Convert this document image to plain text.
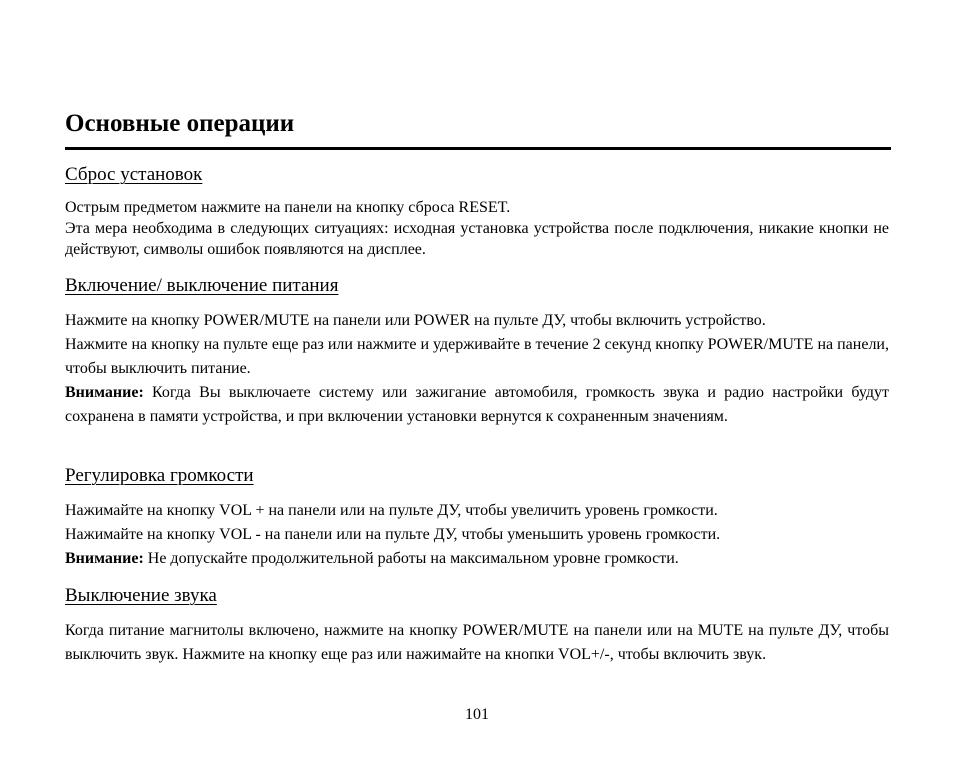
Основные операции
Сброс установок

Острым предметом нажмите на панели на кнопку сброса RESET.

Эта мера необходима в следующих ситуациях: исходная установка устройства после подключения, никакие кнопки не действуют, символы ошибок появляются на дисплее.

Включение/ выключение питания

Нажмите на кнопку POWER/MUTE на панели или POWER на пульте ДУ, чтобы включить устройство.

Нажмите на кнопку на пульте еще раз или нажмите и удерживайте в течение 2 секунд кнопку POWER/MUTE на панели, чтобы выключить питание.

Внимание: Когда Вы выключаете систему или зажигание автомобиля, громкость звука и радио настройки будут сохранена в памяти устройства, и при включении установки вернутся к сохраненным значениям.

Регулировка громкости

Нажимайте на кнопку VOL + на панели или на пульте ДУ, чтобы увеличить уровень громкости.

Нажимайте на кнопку VOL - на панели или на пульте ДУ, чтобы уменьшить уровень громкости.

Внимание: Не допускайте продолжительной работы на максимальном уровне громкости.

Выключение звука

Когда питание магнитолы включено, нажмите на кнопку POWER/MUTE на панели или на MUTE на пульте ДУ, чтобы выключить звук. Нажмите на кнопку еще раз или нажимайте на кнопки VOL+/-, чтобы включить звук.

101
